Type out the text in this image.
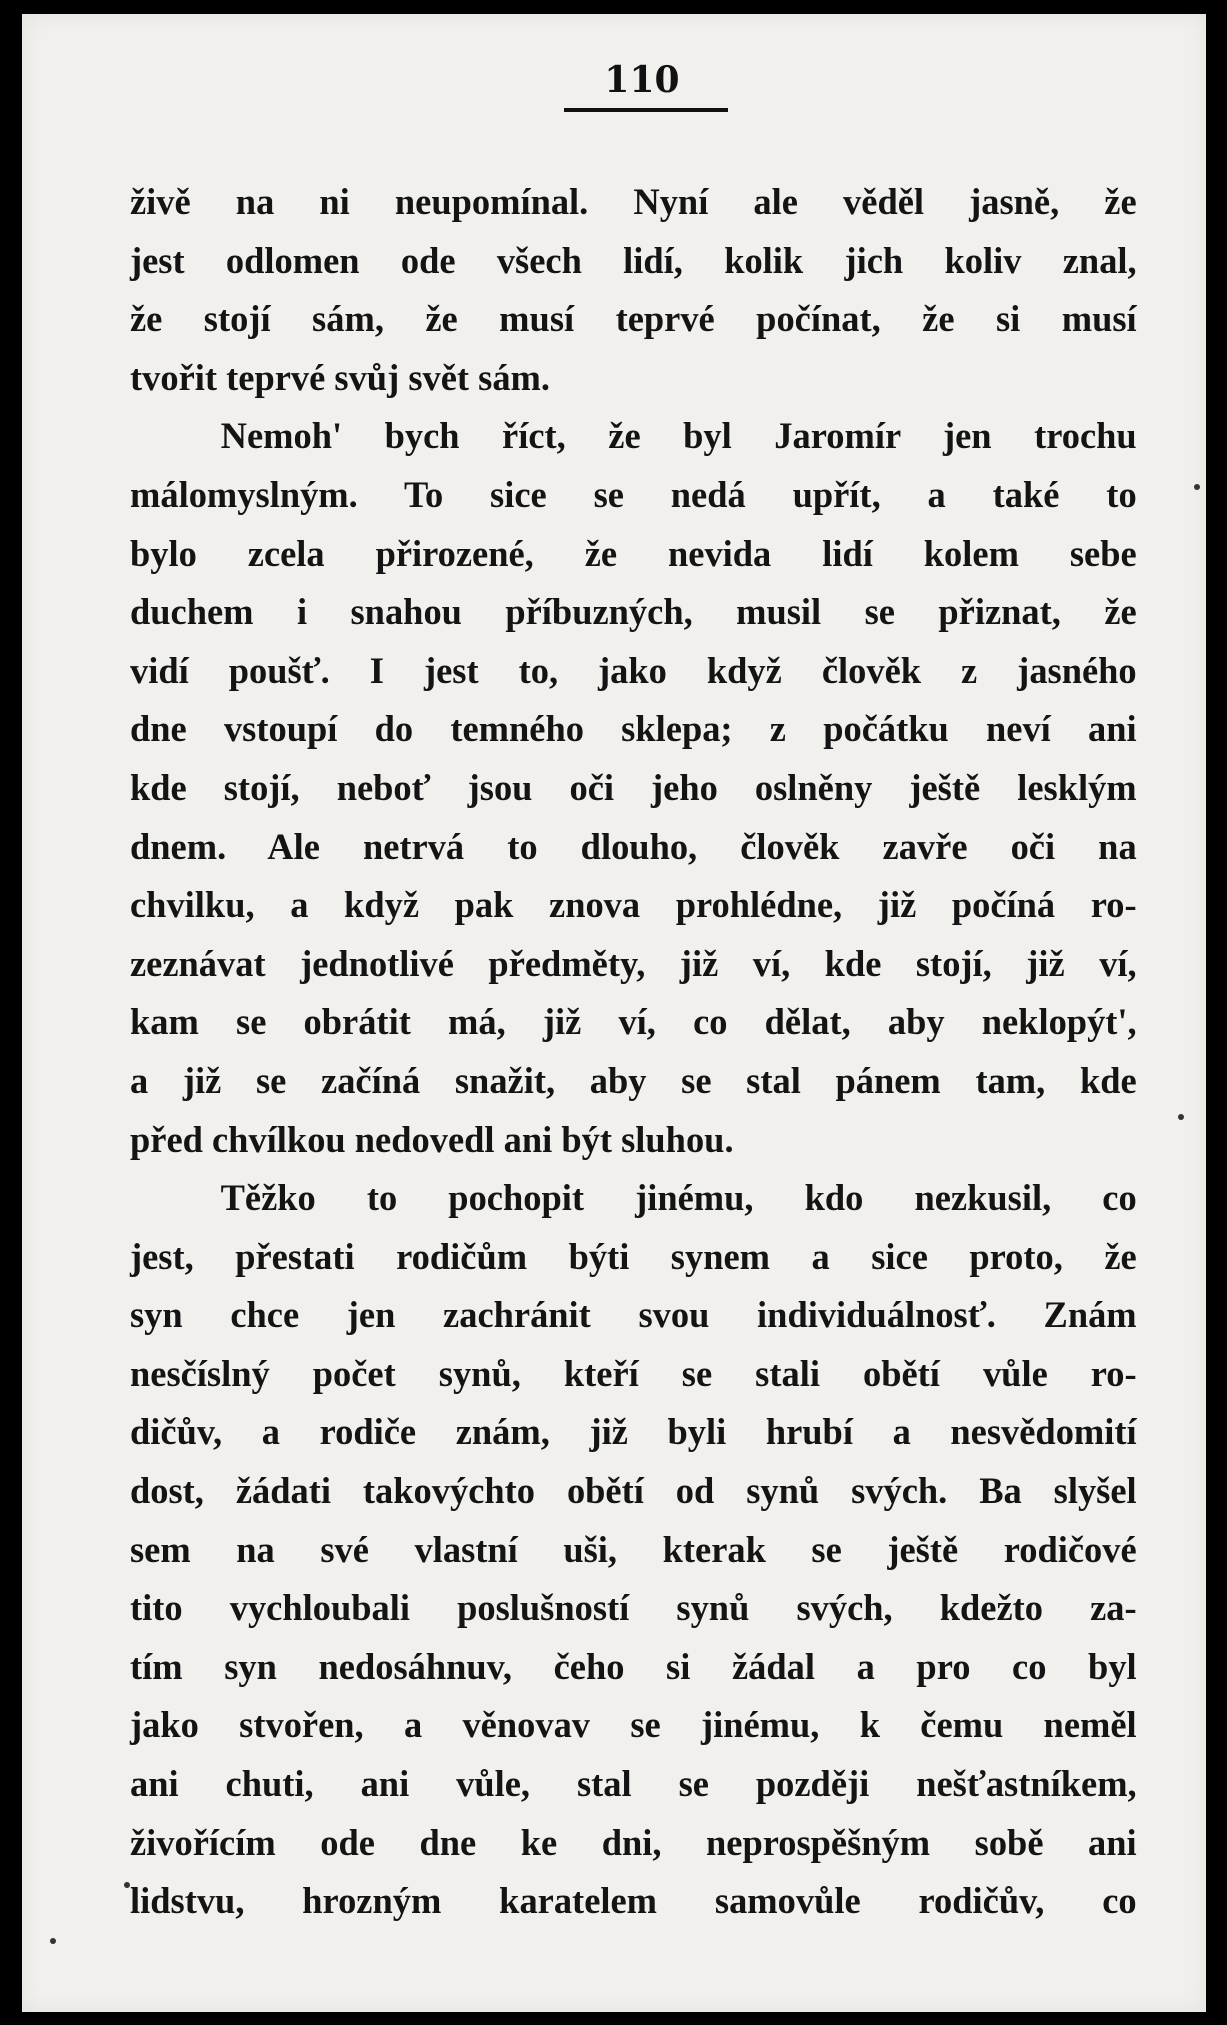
110
živě na ni neupomínal. Nyní ale věděl jasně, že
jest odlomen ode všech lidí, kolik jich koliv znal,
že stojí sám, že musí teprvé počínat, že si musí
tvořit teprvé svůj svět sám.
Nemoh' bych říct, že byl Jaromír jen trochu
málomyslným. To sice se nedá upřít, a také to
bylo zcela přirozené, že nevida lidí kolem sebe
duchem i snahou příbuzných, musil se přiznat, že
vidí poušť. I jest to, jako když člověk z jasného
dne vstoupí do temného sklepa; z počátku neví ani
kde stojí, neboť jsou oči jeho oslněny ještě lesklým
dnem. Ale netrvá to dlouho, člověk zavře oči na
chvilku, a když pak znova prohlédne, již počíná ro-
zeznávat jednotlivé předměty, již ví, kde stojí, již ví,
kam se obrátit má, již ví, co dělat, aby neklopýt',
a již se začíná snažit, aby se stal pánem tam, kde
před chvílkou nedovedl ani být sluhou.
Těžko to pochopit jinému, kdo nezkusil, co
jest, přestati rodičům býti synem a sice proto, že
syn chce jen zachránit svou individuálnosť. Znám
nesčíslný počet synů, kteří se stali obětí vůle ro-
dičův, a rodiče znám, již byli hrubí a nesvědomití
dost, žádati takovýchto obětí od synů svých. Ba slyšel
sem na své vlastní uši, kterak se ještě rodičové
tito vychloubali poslušností synů svých, kdežto za-
tím syn nedosáhnuv, čeho si žádal a pro co byl
jako stvořen, a věnovav se jinému, k čemu neměl
ani chuti, ani vůle, stal se později nešťastníkem,
živořícím ode dne ke dni, neprospěšným sobě ani
lidstvu, hrozným karatelem samovůle rodičův, co
